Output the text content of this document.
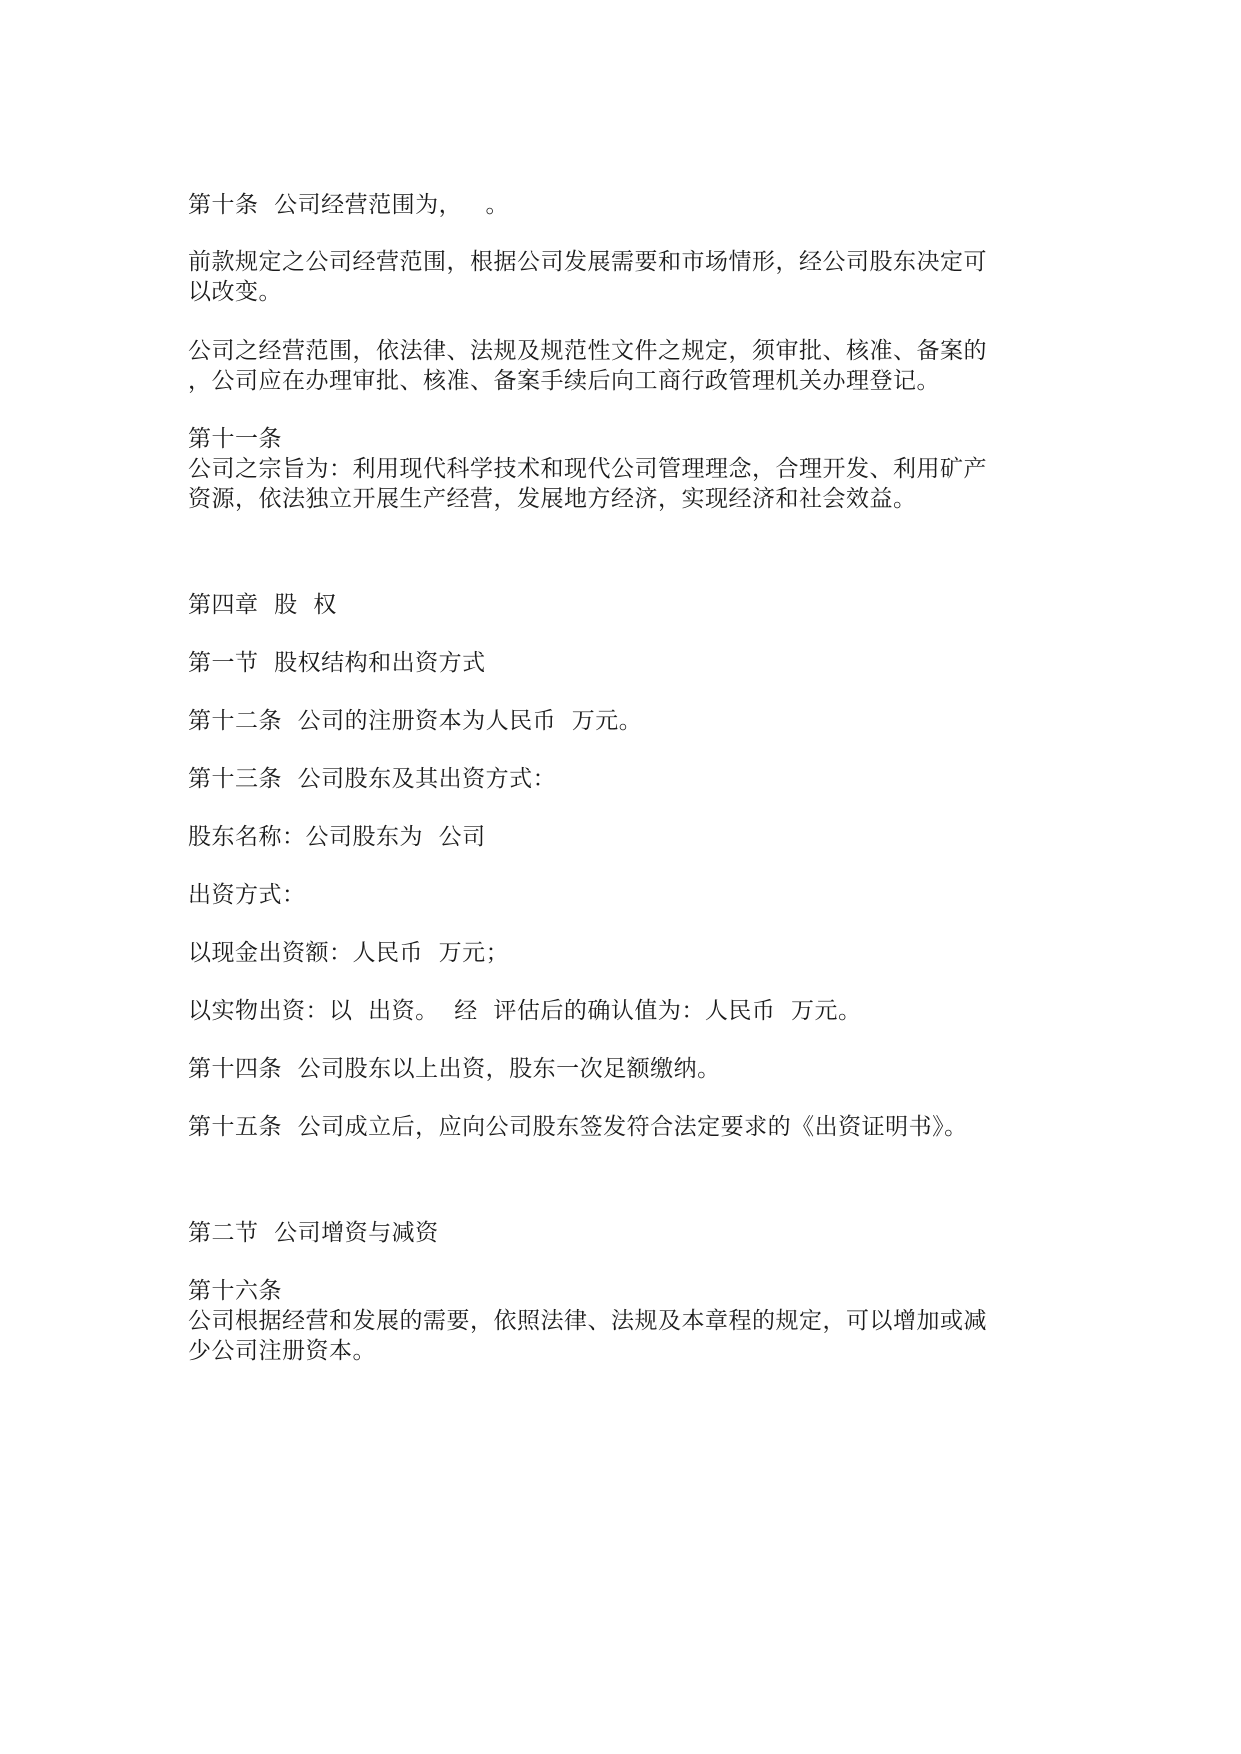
第十条  公司经营范围为，   。
前款规定之公司经营范围，根据公司发展需要和市场情形，经公司股东决定可
以改变。
公司之经营范围，依法律、法规及规范性文件之规定，须审批、核准、备案的
，公司应在办理审批、核准、备案手续后向工商行政管理机关办理登记。
第十一条
公司之宗旨为：利用现代科学技术和现代公司管理理念，合理开发、利用矿产
资源，依法独立开展生产经营，发展地方经济，实现经济和社会效益。
第四章  股  权
第一节  股权结构和出资方式
第十二条  公司的注册资本为人民币  万元。
第十三条  公司股东及其出资方式：
股东名称：公司股东为  公司
出资方式：
以现金出资额：人民币  万元；
以实物出资：以  出资。  经  评估后的确认值为：人民币  万元。
第十四条  公司股东以上出资，股东一次足额缴纳。
第十五条  公司成立后，应向公司股东签发符合法定要求的《出资证明书》。
第二节  公司增资与减资
第十六条
公司根据经营和发展的需要，依照法律、法规及本章程的规定，可以增加或减
少公司注册资本。
